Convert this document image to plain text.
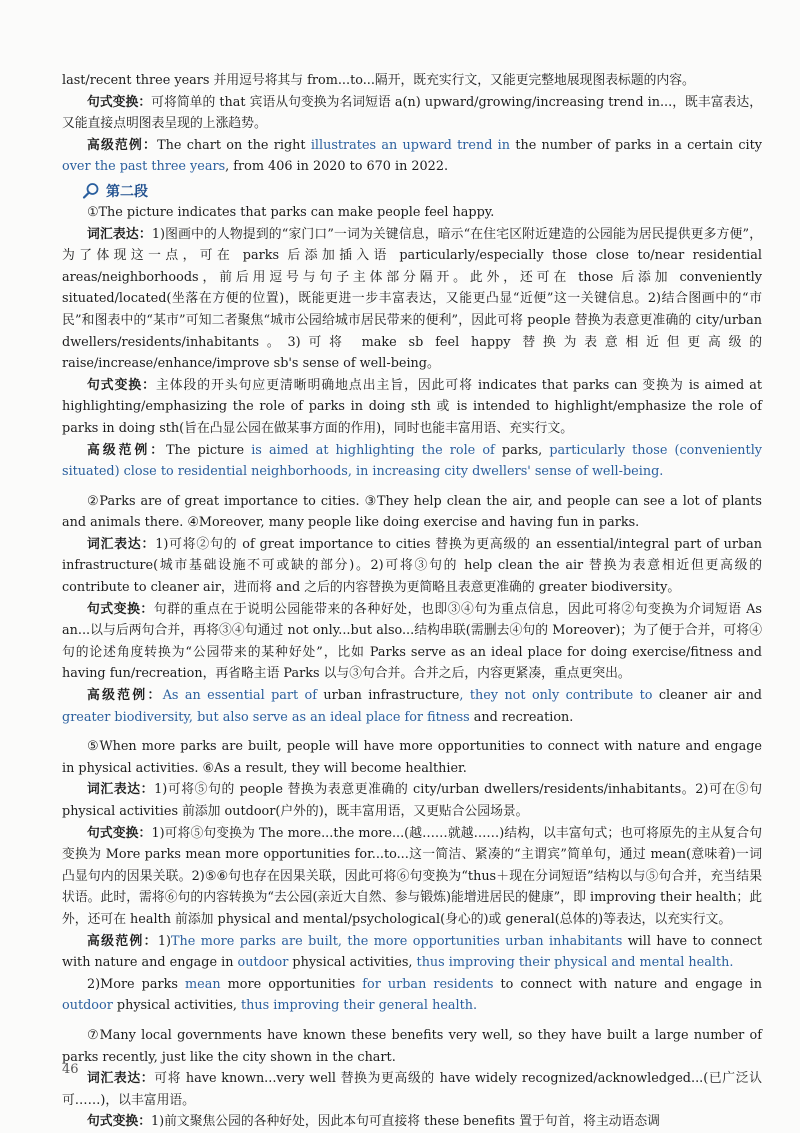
last/recent three years 并用逗号将其与 from...to...隔开，既充实行文，又能更完整地展现图表标题的内容。

句式变换：可将简单的 that 宾语从句变换为名词短语 a(n) upward/growing/increasing trend in...，既丰富表达，又能直接点明图表呈现的上涨趋势。

高级范例：The chart on the right illustrates an upward trend in the number of parks in a certain city over the past three years, from 406 in 2020 to 670 in 2022.

第二段

①The picture indicates that parks can make people feel happy.

词汇表达：1)图画中的人物提到的“家门口”一词为关键信息，暗示“在住宅区附近建造的公园能为居民提供更多方便”，为了体现这一点，可在 parks 后添加插入语 particularly/especially those close to/near residential areas/neighborhoods，前后用逗号与句子主体部分隔开。此外，还可在 those 后添加 conveniently situated/located(坐落在方便的位置)，既能更进一步丰富表达，又能更凸显“近便”这一关键信息。2)结合图画中的“市民”和图表中的“某市”可知二者聚焦“城市公园给城市居民带来的便利”，因此可将 people 替换为表意更准确的 city/urban dwellers/residents/inhabitants。3)可将 make sb feel happy 替换为表意相近但更高级的 raise/increase/enhance/improve sb's sense of well-being。

句式变换：主体段的开头句应更清晰明确地点出主旨，因此可将 indicates that parks can 变换为 is aimed at highlighting/emphasizing the role of parks in doing sth 或 is intended to highlight/emphasize the role of parks in doing sth(旨在凸显公园在做某事方面的作用)，同时也能丰富用语、充实行文。

高级范例：The picture is aimed at highlighting the role of parks, particularly those (conveniently situated) close to residential neighborhoods, in increasing city dwellers' sense of well-being.

②Parks are of great importance to cities. ③They help clean the air, and people can see a lot of plants and animals there. ④Moreover, many people like doing exercise and having fun in parks.

词汇表达：1)可将②句的 of great importance to cities 替换为更高级的 an essential/integral part of urban infrastructure(城市基础设施不可或缺的部分)。2)可将③句的 help clean the air 替换为表意相近但更高级的 contribute to cleaner air，进而将 and 之后的内容替换为更简略且表意更准确的 greater biodiversity。

句式变换：句群的重点在于说明公园能带来的各种好处，也即③④句为重点信息，因此可将②句变换为介词短语 As an...以与后两句合并，再将③④句通过 not only...but also...结构串联(需删去④句的 Moreover)；为了便于合并，可将④句的论述角度转换为“公园带来的某种好处”，比如 Parks serve as an ideal place for doing exercise/fitness and having fun/recreation，再省略主语 Parks 以与③句合并。合并之后，内容更紧凑，重点更突出。

高级范例：As an essential part of urban infrastructure, they not only contribute to cleaner air and greater biodiversity, but also serve as an ideal place for fitness and recreation.

⑤When more parks are built, people will have more opportunities to connect with nature and engage in physical activities. ⑥As a result, they will become healthier.

词汇表达：1)可将⑤句的 people 替换为表意更准确的 city/urban dwellers/residents/inhabitants。2)可在⑤句 physical activities 前添加 outdoor(户外的)，既丰富用语，又更贴合公园场景。

句式变换：1)可将⑤句变换为 The more...the more...(越……就越……)结构，以丰富句式；也可将原先的主从复合句变换为 More parks mean more opportunities for...to...这一简洁、紧凑的“主谓宾”简单句，通过 mean(意味着)一词凸显句内的因果关联。2)⑤⑥句也存在因果关联，因此可将⑥句变换为“thus＋现在分词短语”结构以与⑤句合并，充当结果状语。此时，需将⑥句的内容转换为“去公园(亲近大自然、参与锻炼)能增进居民的健康”，即 improving their health；此外，还可在 health 前添加 physical and mental/psychological(身心的)或 general(总体的)等表达，以充实行文。

高级范例：1)The more parks are built, the more opportunities urban inhabitants will have to connect with nature and engage in outdoor physical activities, thus improving their physical and mental health.

2)More parks mean more opportunities for urban residents to connect with nature and engage in outdoor physical activities, thus improving their general health.

⑦Many local governments have known these benefits very well, so they have built a large number of parks recently, just like the city shown in the chart.

词汇表达：可将 have known...very well 替换为更高级的 have widely recognized/acknowledged...(已广泛认可……)，以丰富用语。

句式变换：1)前文聚焦公园的各种好处，因此本句可直接将 these benefits 置于句首，将主动语态调

46
